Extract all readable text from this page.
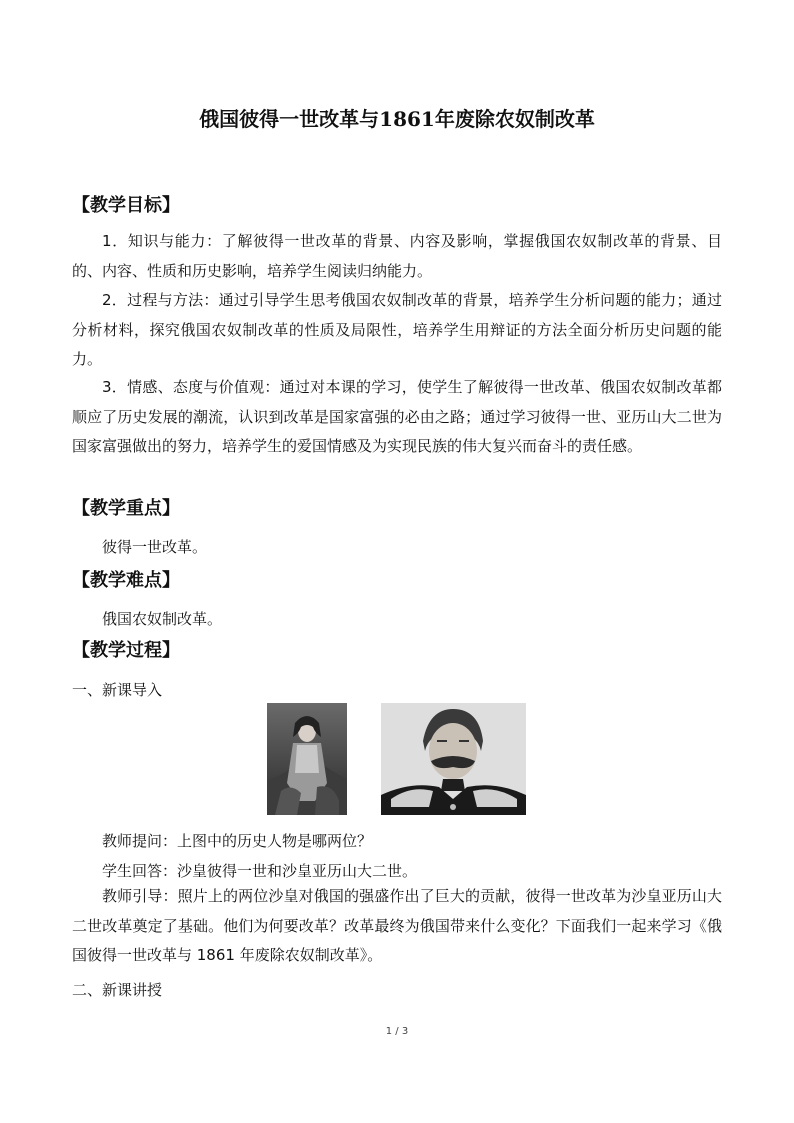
俄国彼得一世改革与1861年废除农奴制改革
【教学目标】
1．知识与能力：了解彼得一世改革的背景、内容及影响，掌握俄国农奴制改革的背景、目的、内容、性质和历史影响，培养学生阅读归纳能力。
2．过程与方法：通过引导学生思考俄国农奴制改革的背景，培养学生分析问题的能力；通过分析材料，探究俄国农奴制改革的性质及局限性，培养学生用辩证的方法全面分析历史问题的能力。
3．情感、态度与价值观：通过对本课的学习，使学生了解彼得一世改革、俄国农奴制改革都顺应了历史发展的潮流，认识到改革是国家富强的必由之路；通过学习彼得一世、亚历山大二世为国家富强做出的努力，培养学生的爱国情感及为实现民族的伟大复兴而奋斗的责任感。
【教学重点】
彼得一世改革。
【教学难点】
俄国农奴制改革。
【教学过程】
一、新课导入
教师提问：上图中的历史人物是哪两位？
学生回答：沙皇彼得一世和沙皇亚历山大二世。
教师引导：照片上的两位沙皇对俄国的强盛作出了巨大的贡献，彼得一世改革为沙皇亚历山大二世改革奠定了基础。他们为何要改革？改革最终为俄国带来什么变化？下面我们一起来学习《俄国彼得一世改革与 1861 年废除农奴制改革》。
二、新课讲授
1 / 3
